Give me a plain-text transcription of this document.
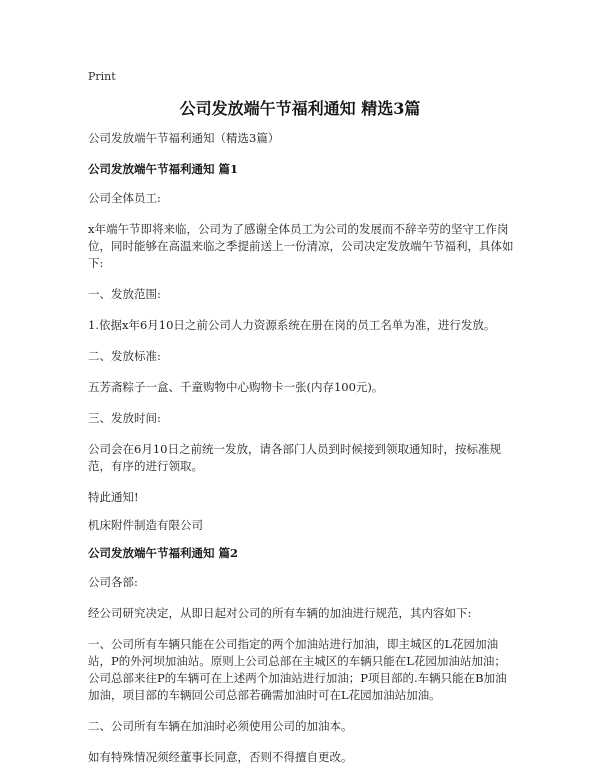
Print
公司发放端午节福利通知 精选3篇

公司发放端午节福利通知（精选3篇）

公司发放端午节福利通知 篇1

公司全体员工:

x年端午节即将来临，公司为了感谢全体员工为公司的发展而不辞辛劳的坚守工作岗位，同时能够在高温来临之季提前送上一份清凉，公司决定发放端午节福利，具体如下:

一、发放范围:

1.依据x年6月10日之前公司人力资源系统在册在岗的员工名单为准，进行发放。

二、发放标准:

五芳斋粽子一盒、千童购物中心购物卡一张(内存100元)。

三、发放时间:

公司会在6月10日之前统一发放，请各部门人员到时候接到领取通知时，按标准规范，有序的进行领取。

特此通知!

机床附件制造有限公司

公司发放端午节福利通知 篇2

公司各部:

经公司研究决定，从即日起对公司的所有车辆的加油进行规范，其内容如下:

一、公司所有车辆只能在公司指定的两个加油站进行加油，即主城区的L花园加油站，P的外河坝加油站。原则上公司总部在主城区的车辆只能在L花园加油站加油；公司总部来往P的车辆可在上述两个加油站进行加油；P项目部的.车辆只能在B加油加油，项目部的车辆回公司总部若确需加油时可在L花园加油站加油。

二、公司所有车辆在加油时必须使用公司的加油本。

如有特殊情况须经董事长同意，否则不得擅自更改。
